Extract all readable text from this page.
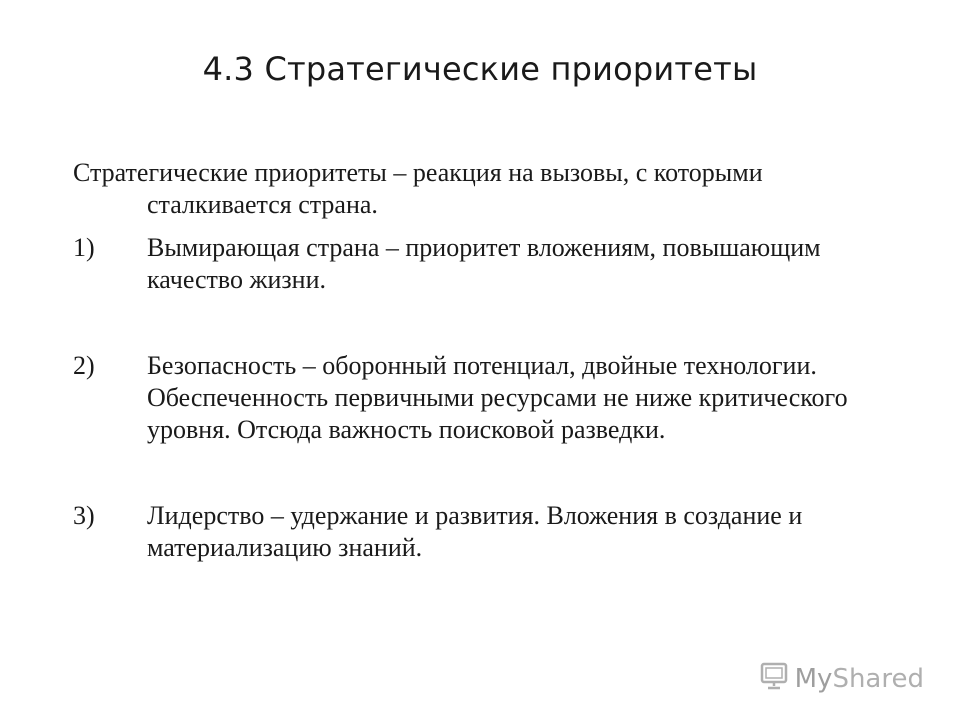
4.3 Стратегические приоритеты

Стратегические приоритеты – реакция на вызовы, с которыми сталкивается страна.

1) Вымирающая страна – приоритет вложениям, повышающим качество жизни.
2) Безопасность – оборонный потенциал, двойные технологии. Обеспеченность первичными ресурсами не ниже критического уровня. Отсюда важность поисковой разведки.
3) Лидерство – удержание и развития. Вложения в создание и материализацию знаний.
MyShared
